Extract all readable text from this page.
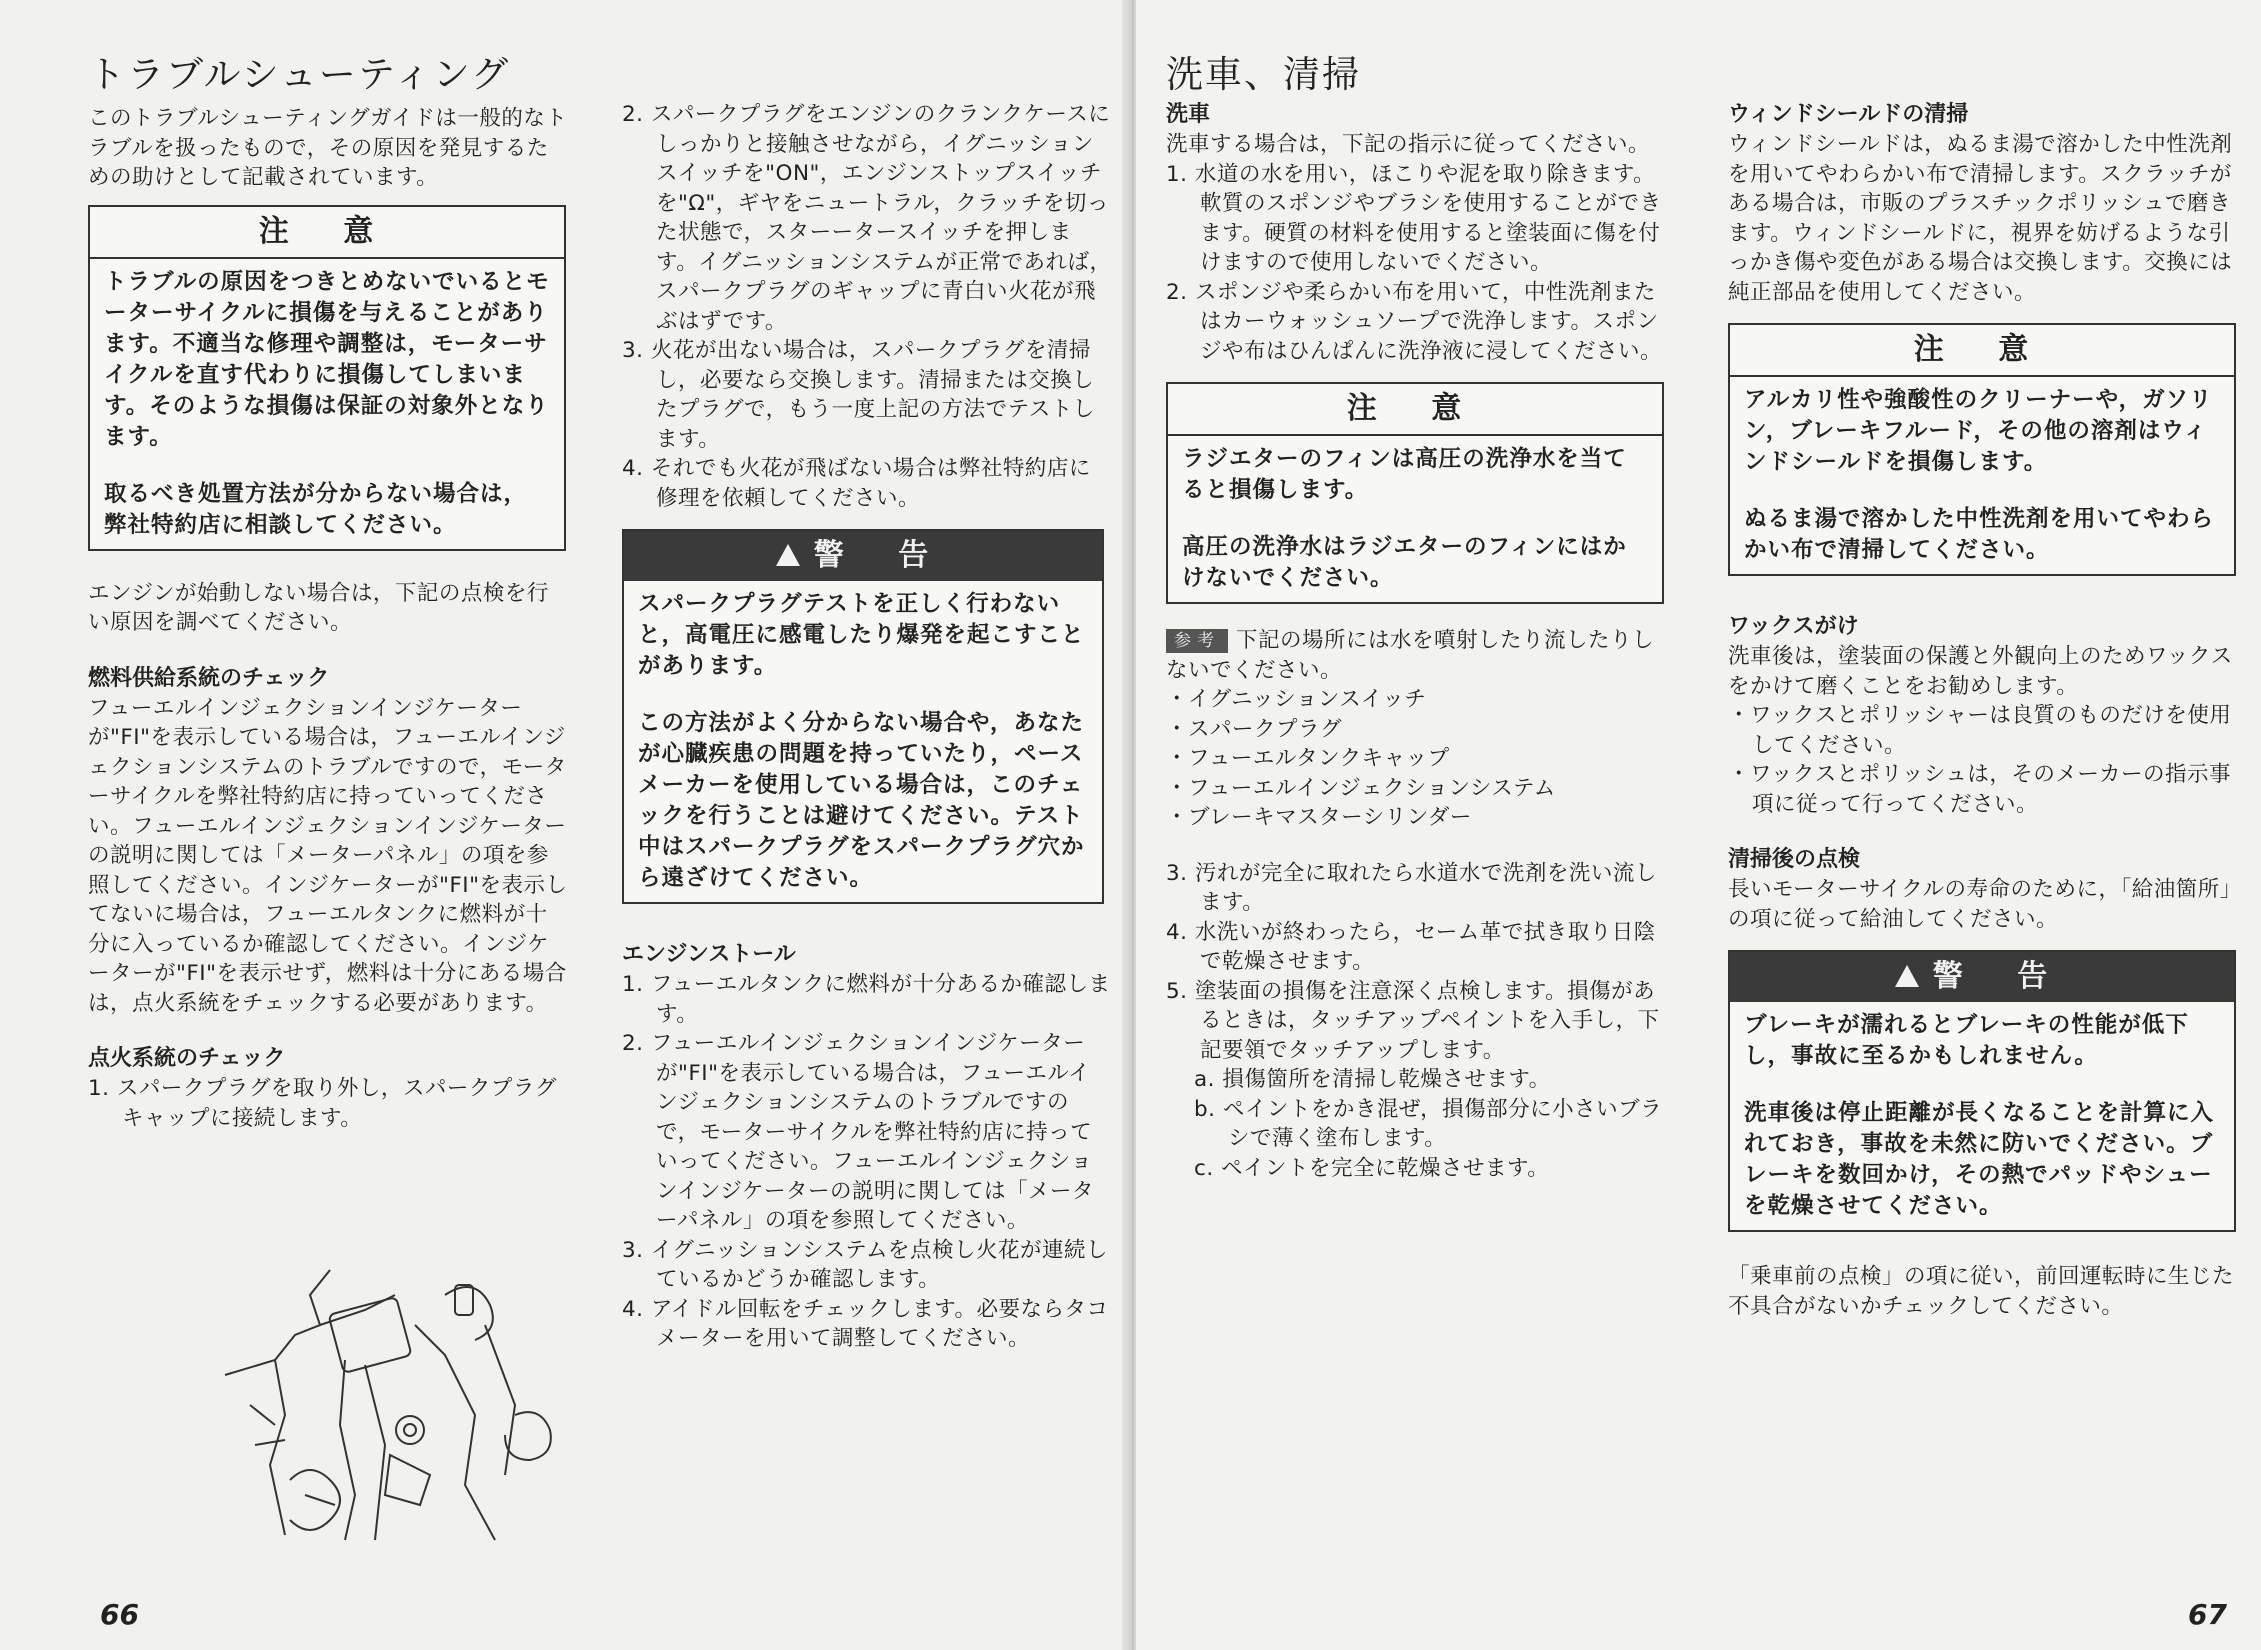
トラブルシューティング

このトラブルシューティングガイドは一般的なトラブルを扱ったもので，その原因を発見するための助けとして記載されています。

注 意

トラブルの原因をつきとめないでいるとモーターサイクルに損傷を与えることがあります。不適当な修理や調整は，モーターサイクルを直す代わりに損傷してしまいます。そのような損傷は保証の対象外となります。

取るべき処置方法が分からない場合は，弊社特約店に相談してください。

エンジンが始動しない場合は，下記の点検を行い原因を調べてください。

燃料供給系統のチェック

フューエルインジェクションインジケーターが"FI"を表示している場合は，フューエルインジェクションシステムのトラブルですので，モーターサイクルを弊社特約店に持っていってください。フューエルインジェクションインジケーターの説明に関しては「メーターパネル」の項を参照してください。インジケーターが"FI"を表示してないに場合は，フューエルタンクに燃料が十分に入っているか確認してください。インジケーターが"FI"を表示せず，燃料は十分にある場合は，点火系統をチェックする必要があります。

点火系統のチェック

1. スパークプラグを取り外し，スパークプラグキャップに接続します。
2. スパークプラグをエンジンのクランクケースにしっかりと接触させながら，イグニッションスイッチを"ON"，エンジンストップスイッチを"Ω"，ギヤをニュートラル，クラッチを切った状態で，スターータースイッチを押します。イグニッションシステムが正常であれば，スパークプラグのギャップに青白い火花が飛ぶはずです。
3. 火花が出ない場合は，スパークプラグを清掃し，必要なら交換します。清掃または交換したプラグで，もう一度上記の方法でテストします。
4. それでも火花が飛ばない場合は弊社特約店に修理を依頼してください。
警 告

スパークプラグテストを正しく行わないと，高電圧に感電したり爆発を起こすことがあります。

この方法がよく分からない場合や，あなたが心臓疾患の問題を持っていたり，ペースメーカーを使用している場合は，このチェックを行うことは避けてください。テスト中はスパークプラグをスパークプラグ穴から遠ざけてください。

エンジンストール

1. フューエルタンクに燃料が十分あるか確認します。
2. フューエルインジェクションインジケーターが"FI"を表示している場合は，フューエルインジェクションシステムのトラブルですので，モーターサイクルを弊社特約店に持っていってください。フューエルインジェクションインジケーターの説明に関しては「メーターパネル」の項を参照してください。
3. イグニッションシステムを点検し火花が連続しているかどうか確認します。
4. アイドル回転をチェックします。必要ならタコメーターを用いて調整してください。
66
洗車、清掃

洗車

洗車する場合は，下記の指示に従ってください。

1. 水道の水を用い，ほこりや泥を取り除きます。軟質のスポンジやブラシを使用することができます。硬質の材料を使用すると塗装面に傷を付けますので使用しないでください。
2. スポンジや柔らかい布を用いて，中性洗剤またはカーウォッシュソープで洗浄します。スポンジや布はひんぱんに洗浄液に浸してください。
注 意

ラジエターのフィンは高圧の洗浄水を当てると損傷します。

高圧の洗浄水はラジエターのフィンにはかけないでください。

参考 下記の場所には水を噴射したり流したりしないでください。

・イグニッションスイッチ
・スパークプラグ
・フューエルタンクキャップ
・フューエルインジェクションシステム
・ブレーキマスターシリンダー
3. 汚れが完全に取れたら水道水で洗剤を洗い流します。
4. 水洗いが終わったら，セーム革で拭き取り日陰で乾燥させます。
5. 塗装面の損傷を注意深く点検します。損傷があるときは，タッチアップペイントを入手し，下記要領でタッチアップします。
a. 損傷箇所を清掃し乾燥させます。
b. ペイントをかき混ぜ，損傷部分に小さいブラシで薄く塗布します。
c. ペイントを完全に乾燥させます。

ウィンドシールドの清掃

ウィンドシールドは，ぬるま湯で溶かした中性洗剤を用いてやわらかい布で清掃します。スクラッチがある場合は，市販のプラスチックポリッシュで磨きます。ウィンドシールドに，視界を妨げるような引っかき傷や変色がある場合は交換します。交換には純正部品を使用してください。

注 意

アルカリ性や強酸性のクリーナーや，ガソリン，ブレーキフルード，その他の溶剤はウィンドシールドを損傷します。

ぬるま湯で溶かした中性洗剤を用いてやわらかい布で清掃してください。

ワックスがけ

洗車後は，塗装面の保護と外観向上のためワックスをかけて磨くことをお勧めします。

・ワックスとポリッシャーは良質のものだけを使用してください。
・ワックスとポリッシュは，そのメーカーの指示事項に従って行ってください。

清掃後の点検

長いモーターサイクルの寿命のために，「給油箇所」の項に従って給油してください。

警 告

ブレーキが濡れるとブレーキの性能が低下し，事故に至るかもしれません。

洗車後は停止距離が長くなることを計算に入れておき，事故を未然に防いでください。ブレーキを数回かけ，その熱でパッドやシューを乾燥させてください。

「乗車前の点検」の項に従い，前回運転時に生じた不具合がないかチェックしてください。

67
